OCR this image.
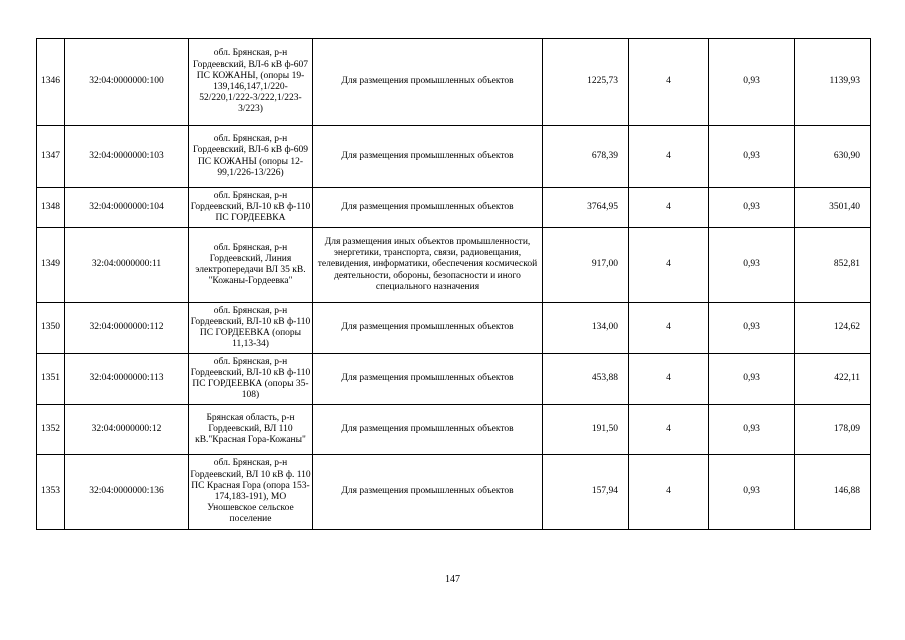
1346	32:04:0000000:100	обл. Брянская, р-н Гордеевский, ВЛ-6 кВ ф-607 ПС КОЖАНЫ, (опоры 19-139,146,147,1/220-52/220,1/222-3/222,1/223-3/223)	Для размещения промышленных объектов	1225,73	4	0,93	1139,93
1347	32:04:0000000:103	обл. Брянская, р-н Гордеевский, ВЛ-6 кВ ф-609 ПС КОЖАНЫ (опоры 12-99,1/226-13/226)	Для размещения промышленных объектов	678,39	4	0,93	630,90
1348	32:04:0000000:104	обл. Брянская, р-н Гордеевский, ВЛ-10 кВ ф-110 ПС ГОРДЕЕВКА	Для размещения промышленных объектов	3764,95	4	0,93	3501,40
1349	32:04:0000000:11	обл. Брянская, р-н Гордеевский, Линия электропередачи ВЛ 35 кВ. "Кожаны-Гордеевка"	Для размещения иных объектов промышленности, энергетики, транспорта, связи, радиовещания, телевидения, информатики, обеспечения космической деятельности, обороны, безопасности и иного специального назначения	917,00	4	0,93	852,81
1350	32:04:0000000:112	обл. Брянская, р-н Гордеевский, ВЛ-10 кВ ф-110 ПС ГОРДЕЕВКА (опоры 11,13-34)	Для размещения промышленных объектов	134,00	4	0,93	124,62
1351	32:04:0000000:113	обл. Брянская, р-н Гордеевский, ВЛ-10 кВ ф-110 ПС ГОРДЕЕВКА (опоры 35-108)	Для размещения промышленных объектов	453,88	4	0,93	422,11
1352	32:04:0000000:12	Брянская область, р-н Гордеевский, ВЛ 110 кВ."Красная Гора-Кожаны"	Для размещения промышленных объектов	191,50	4	0,93	178,09
1353	32:04:0000000:136	обл. Брянская, р-н Гордеевский, ВЛ 10 кВ ф. 110 ПС Красная Гора (опора 153-174,183-191), МО Уношевское сельское поселение	Для размещения промышленных объектов	157,94	4	0,93	146,88
147
